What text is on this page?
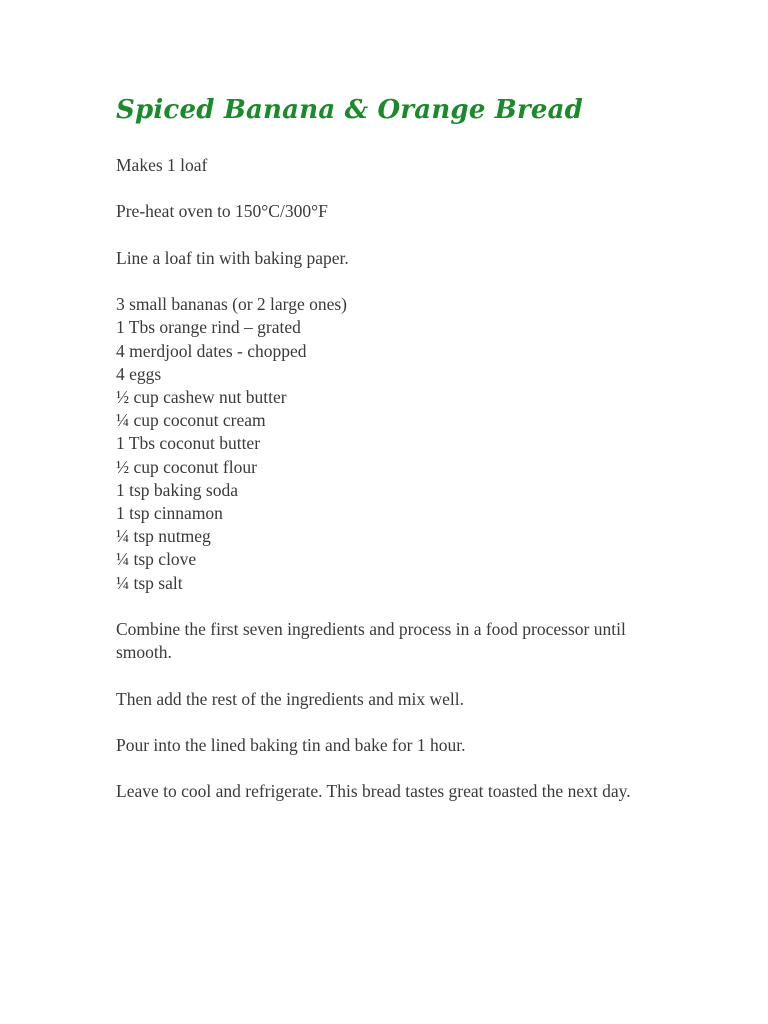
Spiced Banana & Orange Bread

Makes 1 loaf

Pre-heat oven to 150°C/300°F

Line a loaf tin with baking paper.

3 small bananas (or 2 large ones)
1 Tbs orange rind – grated
4 merdjool dates - chopped
4 eggs
½ cup cashew nut butter
¼ cup coconut cream
1 Tbs coconut butter
½ cup coconut flour
1 tsp baking soda
1 tsp cinnamon
¼ tsp nutmeg
¼ tsp clove
¼ tsp salt

Combine the first seven ingredients and process in a food processor until smooth.

Then add the rest of the ingredients and mix well.

Pour into the lined baking tin and bake for 1 hour.

Leave to cool and refrigerate. This bread tastes great toasted the next day.
